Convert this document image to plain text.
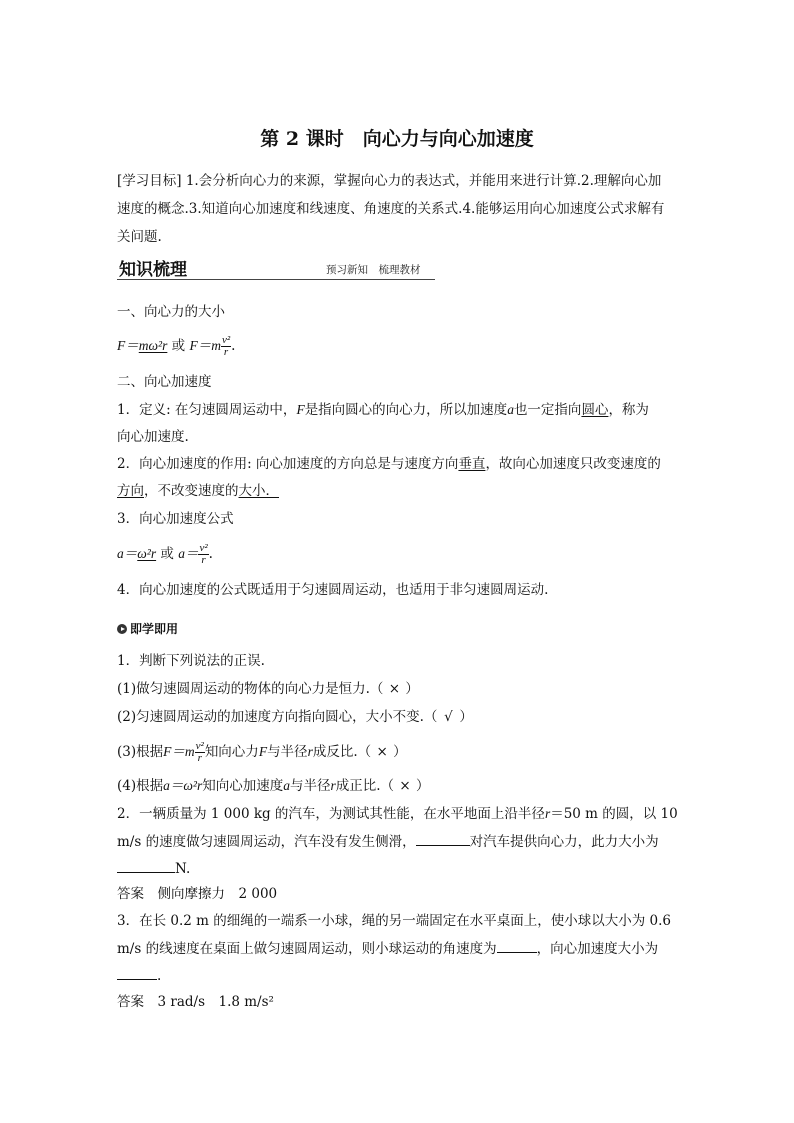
第 2 课时　向心力与向心加速度
[学习目标] 1.会分析向心力的来源，掌握向心力的表达式，并能用来进行计算.2.理解向心加
速度的概念.3.知道向心加速度和线速度、角速度的关系式.4.能够运用向心加速度公式求解有
关问题.
知识梳理	预习新知　梳理教材
一、向心力的大小
F＝mω²r 或 $F=m \frac{\text{v²}}{r}$ .
二、向心加速度
1．定义: 在匀速圆周运动中，F是指向圆心的向心力，所以加速度a也一定指向圆心，称为
向心加速度.
2．向心加速度的作用: 向心加速度的方向总是与速度方向垂直，故向心加速度只改变速度的
方向，不改变速度的大小．
3．向心加速度公式
a＝ω²r 或 $a= \frac{\text{v²}}{r}$ .
4．向心加速度的公式既适用于匀速圆周运动，也适用于非匀速圆周运动.
即学即用
1．判断下列说法的正误.
(1)做匀速圆周运动的物体的向心力是恒力.（ × ）
(2)匀速圆周运动的加速度方向指向圆心，大小不变.（ √ ）
(3)根据$F=m \frac{\text{v²}}{r}$ 知向心力F与半径r成反比.（ × ）
(4)根据a＝ω²r知向心加速度a与半径r成正比.（ × ）
2．一辆质量为 1 000 kg 的汽车，为测试其性能，在水平地面上沿半径r＝50 m 的圆，以 10
m/s 的速度做匀速圆周运动，汽车没有发生侧滑，	对汽车提供向心力，此力大小为
N.
答案　 侧向摩擦力　2 000
3．在长 0.2 m 的细绳的一端系一小球，绳的另一端固定在水平桌面上，使小球以大小为 0.6
m/s 的线速度在桌面上做匀速圆周运动，则小球运动的角速度为	，向心加速度大小为
.
答案　 3 rad/s　1.8 m/s²
